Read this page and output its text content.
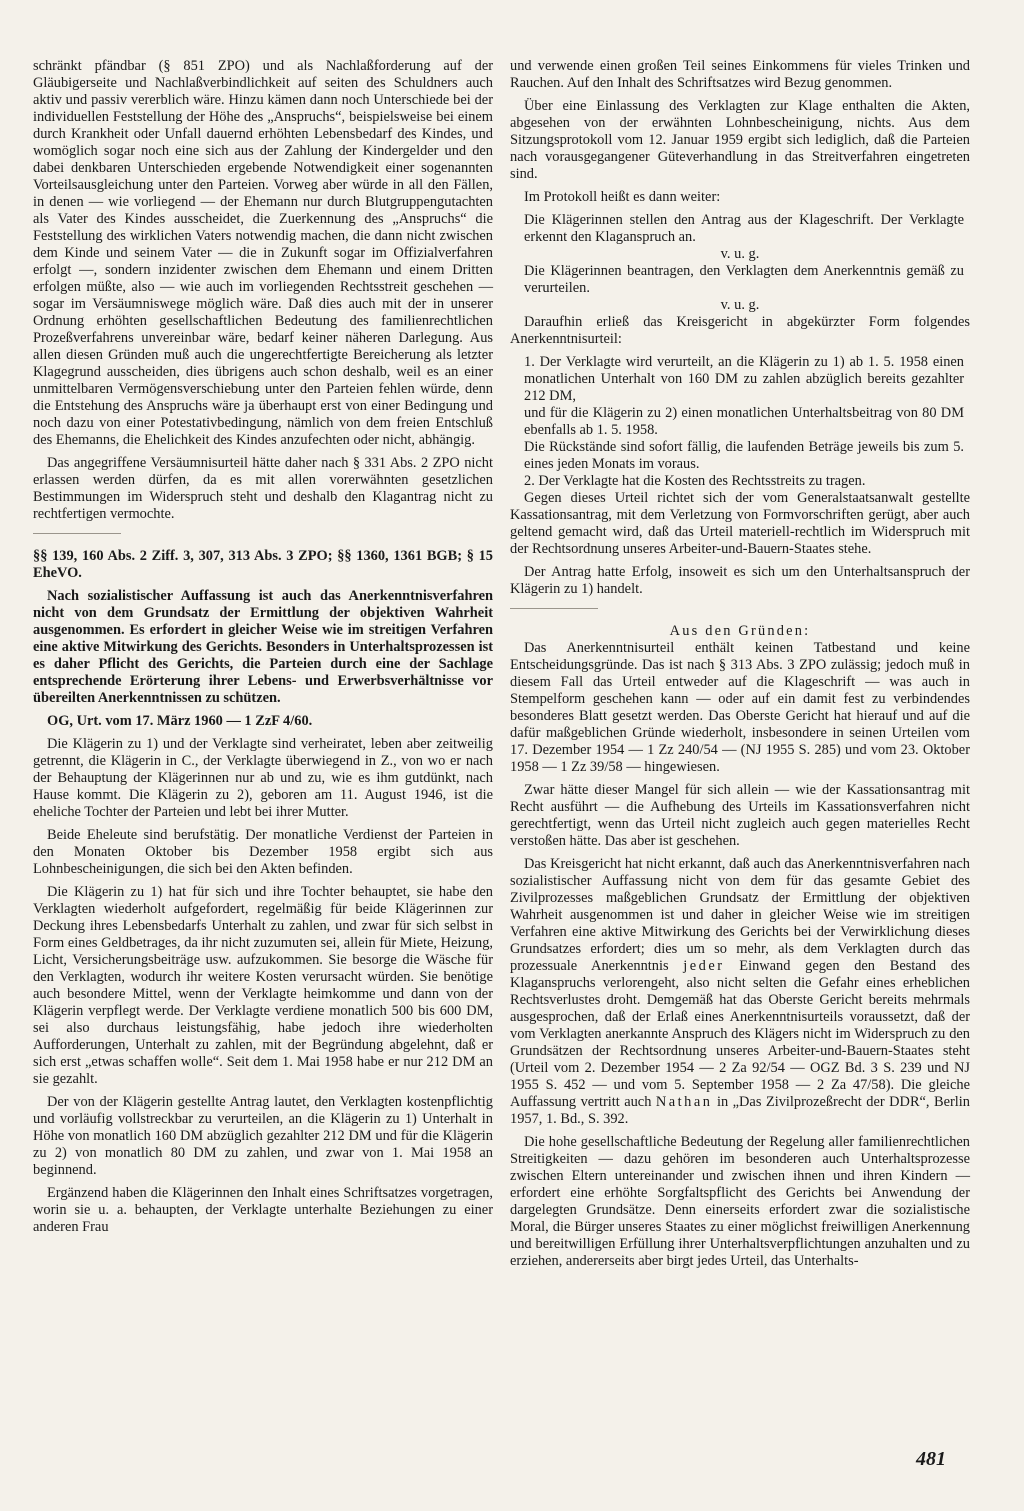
schränkt pfändbar (§ 851 ZPO) und als Nachlaßforderung auf der Gläubigerseite und Nachlaßverbindlichkeit auf seiten des Schuldners auch aktiv und passiv vererblich wäre. Hinzu kämen dann noch Unterschiede bei der individuellen Feststellung der Höhe des „Anspruchs“, beispielsweise bei einem durch Krankheit oder Unfall dauernd erhöhten Lebensbedarf des Kindes, und womöglich sogar noch eine sich aus der Zahlung der Kindergelder und den dabei denkbaren Unterschieden ergebende Notwendigkeit einer sogenannten Vorteilsausgleichung unter den Parteien. Vorweg aber würde in all den Fällen, in denen — wie vorliegend — der Ehemann nur durch Blutgruppengutachten als Vater des Kindes ausscheidet, die Zuerkennung des „Anspruchs“ die Feststellung des wirklichen Vaters notwendig machen, die dann nicht zwischen dem Kinde und seinem Vater — die in Zukunft sogar im Offizialverfahren erfolgt —, sondern inzidenter zwischen dem Ehemann und einem Dritten erfolgen müßte, also — wie auch im vorliegenden Rechtsstreit geschehen — sogar im Versäumniswege möglich wäre. Daß dies auch mit der in unserer Ordnung erhöhten gesellschaftlichen Bedeutung des familienrechtlichen Prozeßverfahrens unvereinbar wäre, bedarf keiner näheren Darlegung. Aus allen diesen Gründen muß auch die ungerechtfertigte Bereicherung als letzter Klagegrund ausscheiden, dies übrigens auch schon deshalb, weil es an einer unmittelbaren Vermögensverschiebung unter den Parteien fehlen würde, denn die Entstehung des Anspruchs wäre ja überhaupt erst von einer Bedingung und noch dazu von einer Potestativbedingung, nämlich von dem freien Entschluß des Ehemanns, die Ehelichkeit des Kindes anzufechten oder nicht, abhängig.

Das angegriffene Versäumnisurteil hätte daher nach § 331 Abs. 2 ZPO nicht erlassen werden dürfen, da es mit allen vorerwähnten gesetzlichen Bestimmungen im Widerspruch steht und deshalb den Klagantrag nicht zu rechtfertigen vermochte.

§§ 139, 160 Abs. 2 Ziff. 3, 307, 313 Abs. 3 ZPO; §§ 1360, 1361 BGB; § 15 EheVO.

Nach sozialistischer Auffassung ist auch das Anerkenntnisverfahren nicht von dem Grundsatz der Ermittlung der objektiven Wahrheit ausgenommen. Es erfordert in gleicher Weise wie im streitigen Verfahren eine aktive Mitwirkung des Gerichts. Besonders in Unterhaltsprozessen ist es daher Pflicht des Gerichts, die Parteien durch eine der Sachlage entsprechende Erörterung ihrer Lebens- und Erwerbsverhältnisse vor übereilten Anerkenntnissen zu schützen.

OG, Urt. vom 17. März 1960 — 1 ZzF 4/60.

Die Klägerin zu 1) und der Verklagte sind verheiratet, leben aber zeitweilig getrennt, die Klägerin in C., der Verklagte überwiegend in Z., von wo er nach der Behauptung der Klägerinnen nur ab und zu, wie es ihm gutdünkt, nach Hause kommt. Die Klägerin zu 2), geboren am 11. August 1946, ist die eheliche Tochter der Parteien und lebt bei ihrer Mutter.

Beide Eheleute sind berufstätig. Der monatliche Verdienst der Parteien in den Monaten Oktober bis Dezember 1958 ergibt sich aus Lohnbescheinigungen, die sich bei den Akten befinden.

Die Klägerin zu 1) hat für sich und ihre Tochter behauptet, sie habe den Verklagten wiederholt aufgefordert, regelmäßig für beide Klägerinnen zur Deckung ihres Lebensbedarfs Unterhalt zu zahlen, und zwar für sich selbst in Form eines Geldbetrages, da ihr nicht zuzumuten sei, allein für Miete, Heizung, Licht, Versicherungsbeiträge usw. aufzukommen. Sie besorge die Wäsche für den Verklagten, wodurch ihr weitere Kosten verursacht würden. Sie benötige auch besondere Mittel, wenn der Verklagte heimkomme und dann von der Klägerin verpflegt werde. Der Verklagte verdiene monatlich 500 bis 600 DM, sei also durchaus leistungsfähig, habe jedoch ihre wiederholten Aufforderungen, Unterhalt zu zahlen, mit der Begründung abgelehnt, daß er sich erst „etwas schaffen wolle“. Seit dem 1. Mai 1958 habe er nur 212 DM an sie gezahlt.

Der von der Klägerin gestellte Antrag lautet, den Verklagten kostenpflichtig und vorläufig vollstreckbar zu verurteilen, an die Klägerin zu 1) Unterhalt in Höhe von monatlich 160 DM abzüglich gezahlter 212 DM und für die Klägerin zu 2) von monatlich 80 DM zu zahlen, und zwar von 1. Mai 1958 an beginnend.

Ergänzend haben die Klägerinnen den Inhalt eines Schriftsatzes vorgetragen, worin sie u. a. behaupten, der Verklagte unterhalte Beziehungen zu einer anderen Frau

und verwende einen großen Teil seines Einkommens für vieles Trinken und Rauchen. Auf den Inhalt des Schriftsatzes wird Bezug genommen.

Über eine Einlassung des Verklagten zur Klage enthalten die Akten, abgesehen von der erwähnten Lohnbescheinigung, nichts. Aus dem Sitzungsprotokoll vom 12. Januar 1959 ergibt sich lediglich, daß die Parteien nach vorausgegangener Güteverhandlung in das Streitverfahren eingetreten sind.

Im Protokoll heißt es dann weiter:

Die Klägerinnen stellen den Antrag aus der Klageschrift. Der Verklagte erkennt den Klaganspruch an.

v. u. g.

Die Klägerinnen beantragen, den Verklagten dem Anerkenntnis gemäß zu verurteilen.

v. u. g.

Daraufhin erließ das Kreisgericht in abgekürzter Form folgendes Anerkenntnisurteil:

1. Der Verklagte wird verurteilt, an die Klägerin zu 1) ab 1. 5. 1958 einen monatlichen Unterhalt von 160 DM zu zahlen abzüglich bereits gezahlter 212 DM,

und für die Klägerin zu 2) einen monatlichen Unterhaltsbeitrag von 80 DM ebenfalls ab 1. 5. 1958.

Die Rückstände sind sofort fällig, die laufenden Beträge jeweils bis zum 5. eines jeden Monats im voraus.

2. Der Verklagte hat die Kosten des Rechtsstreits zu tragen.

Gegen dieses Urteil richtet sich der vom Generalstaatsanwalt gestellte Kassationsantrag, mit dem Verletzung von Formvorschriften gerügt, aber auch geltend gemacht wird, daß das Urteil materiell-rechtlich im Widerspruch mit der Rechtsordnung unseres Arbeiter-und-Bauern-Staates stehe.

Der Antrag hatte Erfolg, insoweit es sich um den Unterhaltsanspruch der Klägerin zu 1) handelt.

Aus den Gründen:

Das Anerkenntnisurteil enthält keinen Tatbestand und keine Entscheidungsgründe. Das ist nach § 313 Abs. 3 ZPO zulässig; jedoch muß in diesem Fall das Urteil entweder auf die Klageschrift — was auch in Stempelform geschehen kann — oder auf ein damit fest zu verbindendes besonderes Blatt gesetzt werden. Das Oberste Gericht hat hierauf und auf die dafür maßgeblichen Gründe wiederholt, insbesondere in seinen Urteilen vom 17. Dezember 1954 — 1 Zz 240/54 — (NJ 1955 S. 285) und vom 23. Oktober 1958 — 1 Zz 39/58 — hingewiesen.

Zwar hätte dieser Mangel für sich allein — wie der Kassationsantrag mit Recht ausführt — die Aufhebung des Urteils im Kassationsverfahren nicht gerechtfertigt, wenn das Urteil nicht zugleich auch gegen materielles Recht verstoßen hätte. Das aber ist geschehen.

Das Kreisgericht hat nicht erkannt, daß auch das Anerkenntnisverfahren nach sozialistischer Auffassung nicht von dem für das gesamte Gebiet des Zivilprozesses maßgeblichen Grundsatz der Ermittlung der objektiven Wahrheit ausgenommen ist und daher in gleicher Weise wie im streitigen Verfahren eine aktive Mitwirkung des Gerichts bei der Verwirklichung dieses Grundsatzes erfordert; dies um so mehr, als dem Verklagten durch das prozessuale Anerkenntnis jeder Einwand gegen den Bestand des Klaganspruchs verlorengeht, also nicht selten die Gefahr eines erheblichen Rechtsverlustes droht. Demgemäß hat das Oberste Gericht bereits mehrmals ausgesprochen, daß der Erlaß eines Anerkenntnisurteils voraussetzt, daß der vom Verklagten anerkannte Anspruch des Klägers nicht im Widerspruch zu den Grundsätzen der Rechtsordnung unseres Arbeiter-und-Bauern-Staates steht (Urteil vom 2. Dezember 1954 — 2 Za 92/54 — OGZ Bd. 3 S. 239 und NJ 1955 S. 452 — und vom 5. September 1958 — 2 Za 47/58). Die gleiche Auffassung vertritt auch Nathan in „Das Zivilprozeßrecht der DDR“, Berlin 1957, 1. Bd., S. 392.

Die hohe gesellschaftliche Bedeutung der Regelung aller familienrechtlichen Streitigkeiten — dazu gehören im besonderen auch Unterhaltsprozesse zwischen Eltern untereinander und zwischen ihnen und ihren Kindern — erfordert eine erhöhte Sorgfaltspflicht des Gerichts bei Anwendung der dargelegten Grundsätze. Denn einerseits erfordert zwar die sozialistische Moral, die Bürger unseres Staates zu einer möglichst freiwilligen Anerkennung und bereitwilligen Erfüllung ihrer Unterhaltsverpflichtungen anzuhalten und zu erziehen, andererseits aber birgt jedes Urteil, das Unterhalts-

481
